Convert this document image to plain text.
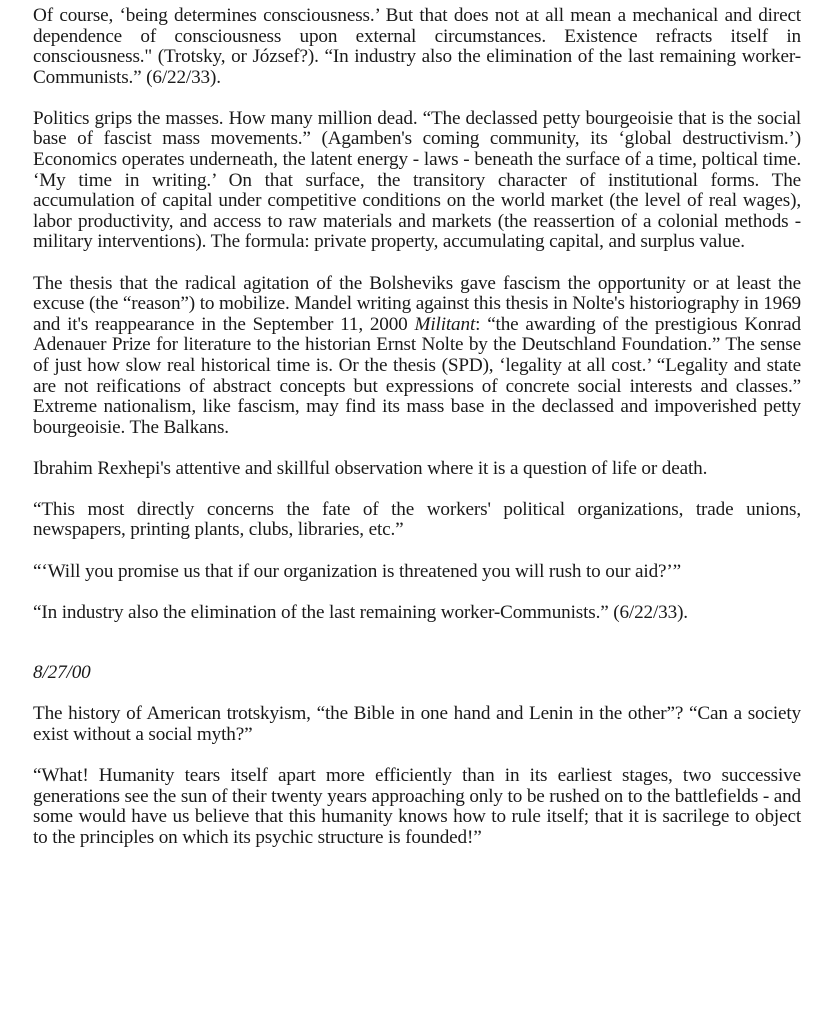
Of course, ‘being determines consciousness.’ But that does not at all mean a mechanical and direct dependence of consciousness upon external circumstances. Existence refracts itself in consciousness." (Trotsky, or József?). “In industry also the elimination of the last remaining worker-Communists.” (6/22/33).

Politics grips the masses. How many million dead. “The declassed petty bourgeoisie that is the social base of fascist mass movements.” (Agamben's coming community, its ‘global destructivism.’) Economics operates underneath, the latent energy - laws - beneath the surface of a time, poltical time. ‘My time in writing.’ On that surface, the transitory character of institutional forms. The accumulation of capital under competitive conditions on the world market (the level of real wages), labor productivity, and access to raw materials and markets (the reassertion of a colonial methods - military interventions). The formula: private property, accumulating capital, and surplus value.

The thesis that the radical agitation of the Bolsheviks gave fascism the opportunity or at least the excuse (the “reason”) to mobilize. Mandel writing against this thesis in Nolte's historiography in 1969 and it's reappearance in the September 11, 2000 Militant: “the awarding of the prestigious Konrad Adenauer Prize for literature to the historian Ernst Nolte by the Deutschland Foundation.” The sense of just how slow real historical time is. Or the thesis (SPD), ‘legality at all cost.’ “Legality and state are not reifications of abstract concepts but expressions of concrete social interests and classes.” Extreme nationalism, like fascism, may find its mass base in the declassed and impoverished petty bourgeoisie. The Balkans.

Ibrahim Rexhepi's attentive and skillful observation where it is a question of life or death.

“This most directly concerns the fate of the workers' political organizations, trade unions, newspapers, printing plants, clubs, libraries, etc.”

“‘Will you promise us that if our organization is threatened you will rush to our aid?’”

“In industry also the elimination of the last remaining worker-Communists.” (6/22/33).

8/27/00

The history of American trotskyism, “the Bible in one hand and Lenin in the other”? “Can a society exist without a social myth?”

“What! Humanity tears itself apart more efficiently than in its earliest stages, two successive generations see the sun of their twenty years approaching only to be rushed on to the battlefields - and some would have us believe that this humanity knows how to rule itself; that it is sacrilege to object to the principles on which its psychic structure is founded!”
